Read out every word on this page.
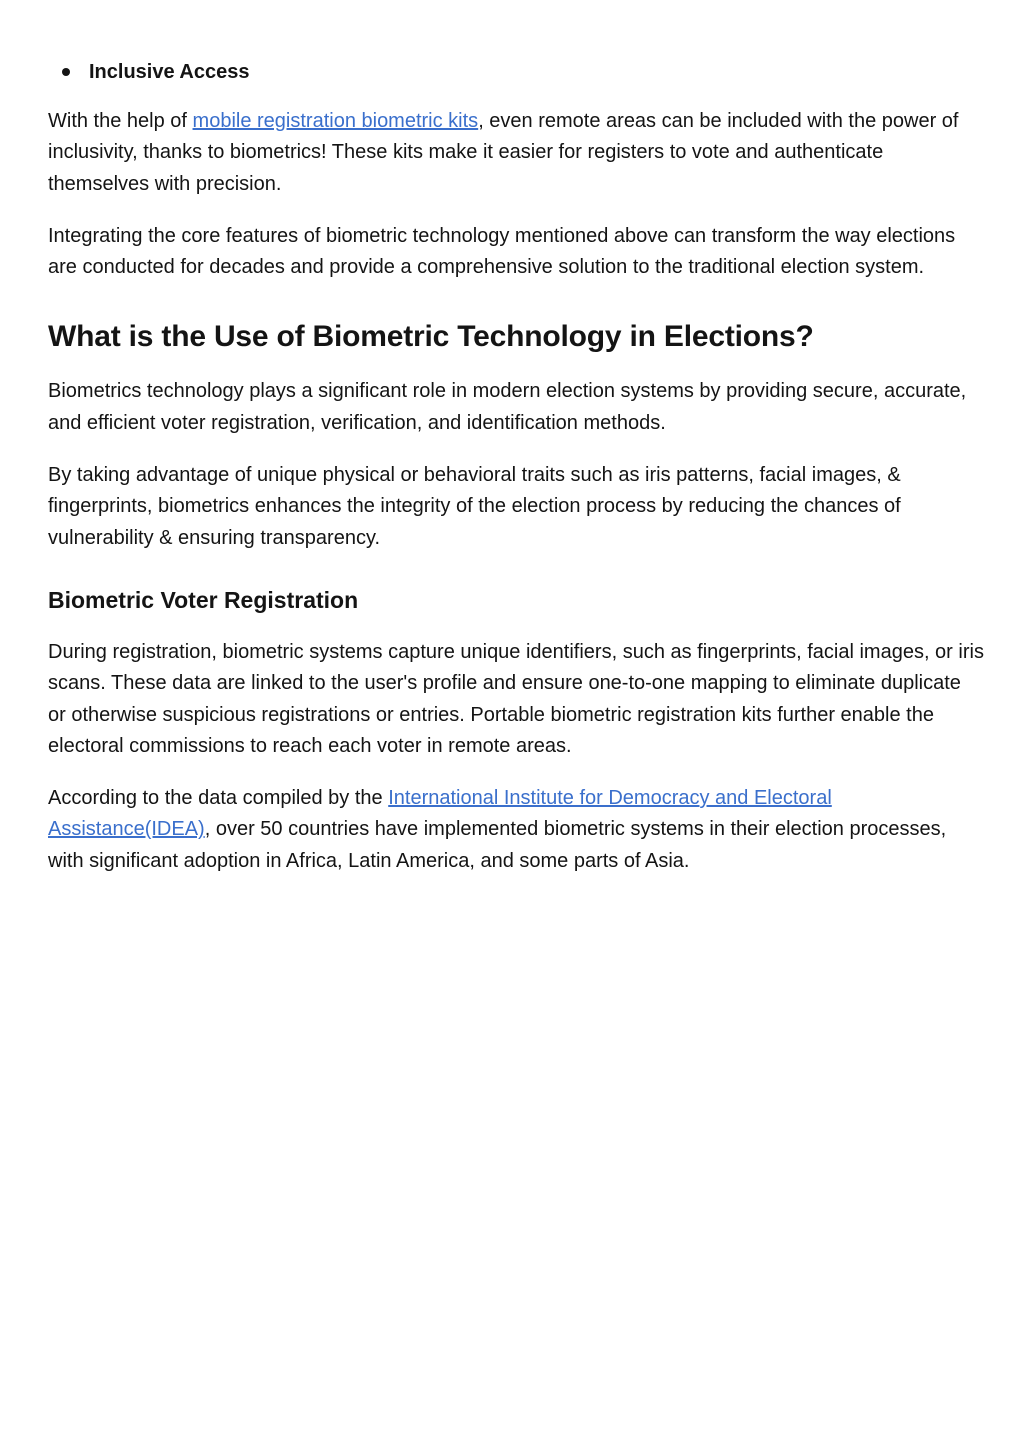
Inclusive Access

With the help of mobile registration biometric kits, even remote areas can be included with the power of inclusivity, thanks to biometrics! These kits make it easier for registers to vote and authenticate themselves with precision.

Integrating the core features of biometric technology mentioned above can transform the way elections are conducted for decades and provide a comprehensive solution to the traditional election system.

What is the Use of Biometric Technology in Elections?

Biometrics technology plays a significant role in modern election systems by providing secure, accurate, and efficient voter registration, verification, and identification methods.

By taking advantage of unique physical or behavioral traits such as iris patterns, facial images, & fingerprints, biometrics enhances the integrity of the election process by reducing the chances of vulnerability & ensuring transparency.

Biometric Voter Registration

During registration, biometric systems capture unique identifiers, such as fingerprints, facial images, or iris scans. These data are linked to the user's profile and ensure one-to-one mapping to eliminate duplicate or otherwise suspicious registrations or entries. Portable biometric registration kits further enable the electoral commissions to reach each voter in remote areas.

According to the data compiled by the International Institute for Democracy and Electoral Assistance(IDEA), over 50 countries have implemented biometric systems in their election processes, with significant adoption in Africa, Latin America, and some parts of Asia.
